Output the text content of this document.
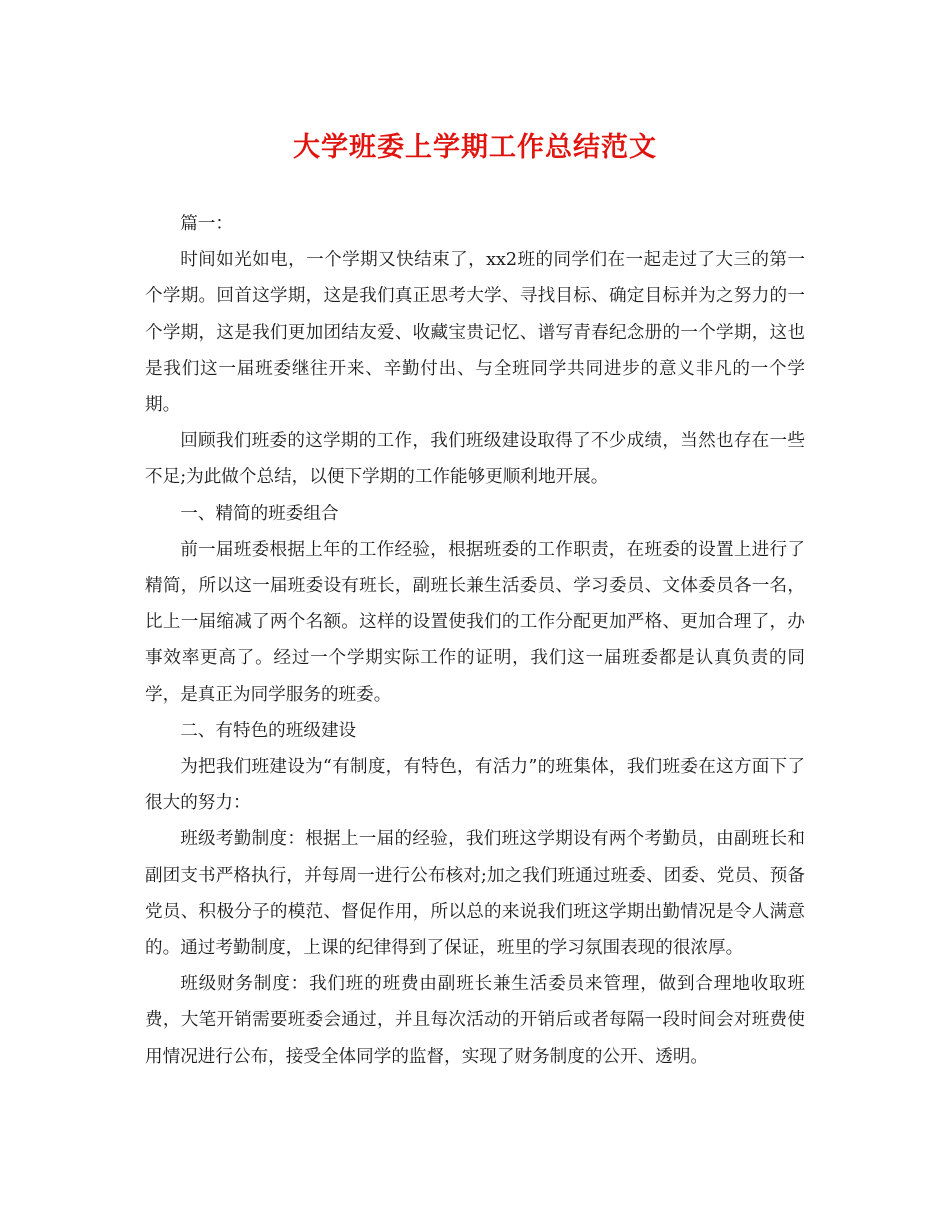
大学班委上学期工作总结范文

篇一：

时间如光如电，一个学期又快结束了，xx2班的同学们在一起走过了大三的第一个学期。回首这学期，这是我们真正思考大学、寻找目标、确定目标并为之努力的一个学期，这是我们更加团结友爱、收藏宝贵记忆、谱写青春纪念册的一个学期，这也是我们这一届班委继往开来、辛勤付出、与全班同学共同进步的意义非凡的一个学期。

回顾我们班委的这学期的工作，我们班级建设取得了不少成绩，当然也存在一些不足;为此做个总结，以便下学期的工作能够更顺利地开展。

一、精简的班委组合

前一届班委根据上年的工作经验，根据班委的工作职责，在班委的设置上进行了精简，所以这一届班委设有班长，副班长兼生活委员、学习委员、文体委员各一名，比上一届缩减了两个名额。这样的设置使我们的工作分配更加严格、更加合理了，办事效率更高了。经过一个学期实际工作的证明，我们这一届班委都是认真负责的同学，是真正为同学服务的班委。

二、有特色的班级建设

为把我们班建设为“有制度，有特色，有活力”的班集体，我们班委在这方面下了很大的努力：

班级考勤制度：根据上一届的经验，我们班这学期设有两个考勤员，由副班长和副团支书严格执行，并每周一进行公布核对;加之我们班通过班委、团委、党员、预备党员、积极分子的模范、督促作用，所以总的来说我们班这学期出勤情况是令人满意的。通过考勤制度，上课的纪律得到了保证，班里的学习氛围表现的很浓厚。

班级财务制度：我们班的班费由副班长兼生活委员来管理，做到合理地收取班费，大笔开销需要班委会通过，并且每次活动的开销后或者每隔一段时间会对班费使用情况进行公布，接受全体同学的监督，实现了财务制度的公开、透明。
